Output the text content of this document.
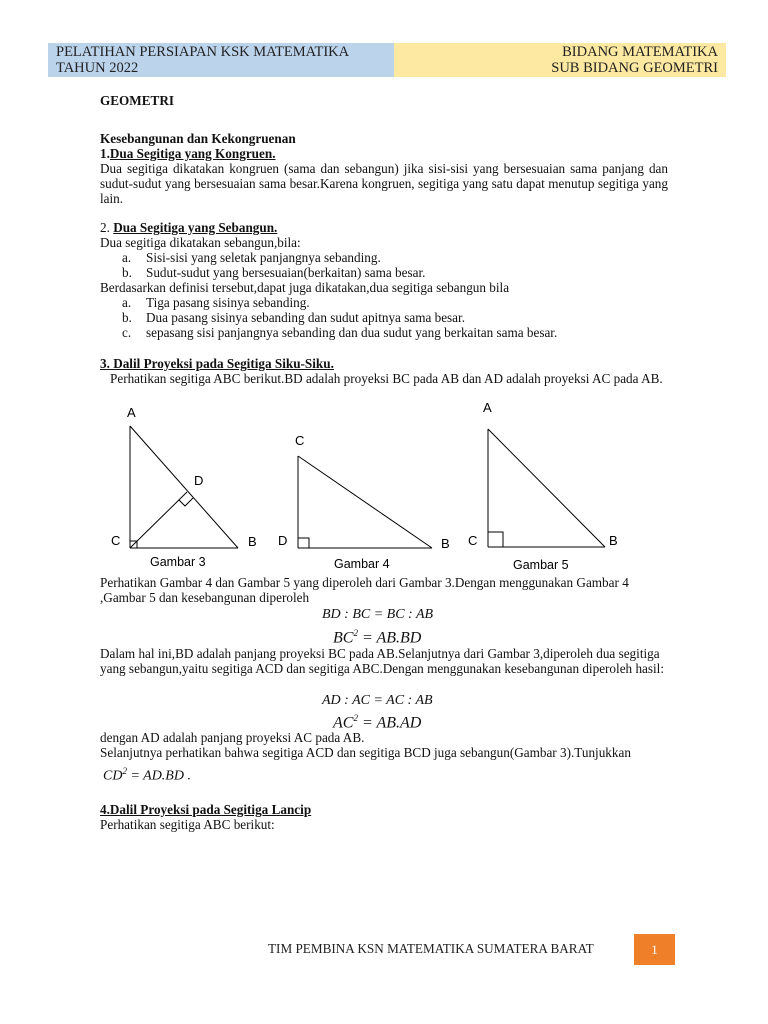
PELATIHAN PERSIAPAN KSK MATEMATIKA
TAHUN 2022
BIDANG MATEMATIKA
SUB BIDANG GEOMETRI

GEOMETRI

Kesebangunan dan Kekongruenan

1.Dua Segitiga yang Kongruen.

Dua segitiga dikatakan kongruen (sama dan sebangun) jika sisi-sisi yang bersesuaian sama panjang dan sudut-sudut yang bersesuaian sama besar.Karena kongruen, segitiga yang satu dapat menutup segitiga yang lain.

2. Dua Segitiga yang Sebangun.

Dua segitiga dikatakan sebangun,bila:

a.	Sisi-sisi yang seletak panjangnya sebanding.
b.	Sudut-sudut yang bersesuaian(berkaitan) sama besar.

Berdasarkan definisi tersebut,dapat juga dikatakan,dua segitiga sebangun bila

a.	Tiga pasang sisinya sebanding.
b.	Dua pasang sisinya sebanding dan sudut apitnya sama besar.
c.	sepasang sisi panjangnya sebanding dan dua sudut yang berkaitan sama besar.

3. Dalil Proyeksi pada Segitiga Siku-Siku.

Perhatikan segitiga ABC berikut.BD adalah proyeksi BC pada AB dan AD adalah proyeksi AC pada AB.

A
D
C	B
Gambar 3
C
D	B
Gambar 4
A
C	B
Gambar 5

Perhatikan Gambar 4 dan Gambar 5 yang diperoleh dari Gambar 3.Dengan menggunakan Gambar 4 ,Gambar 5 dan kesebangunan diperoleh

BD : BC = BC : AB
$BC^2 = AB.BD$

Dalam hal ini,BD adalah panjang proyeksi BC pada AB.Selanjutnya dari Gambar 3,diperoleh dua segitiga yang sebangun,yaitu segitiga ACD dan segitiga ABC.Dengan menggunakan kesebangunan diperoleh hasil:

AD : AC = AC : AB
$AC^2 = AB.AD$

dengan AD adalah panjang proyeksi AC pada AB.

Selanjutnya perhatikan bahwa segitiga ACD dan segitiga BCD juga sebangun(Gambar 3).Tunjukkan

$CD^2 = AD.BD$ .

4.Dalil Proyeksi pada Segitiga Lancip

Perhatikan segitiga ABC berikut:

TIM PEMBINA KSN MATEMATIKA SUMATERA BARAT	1
